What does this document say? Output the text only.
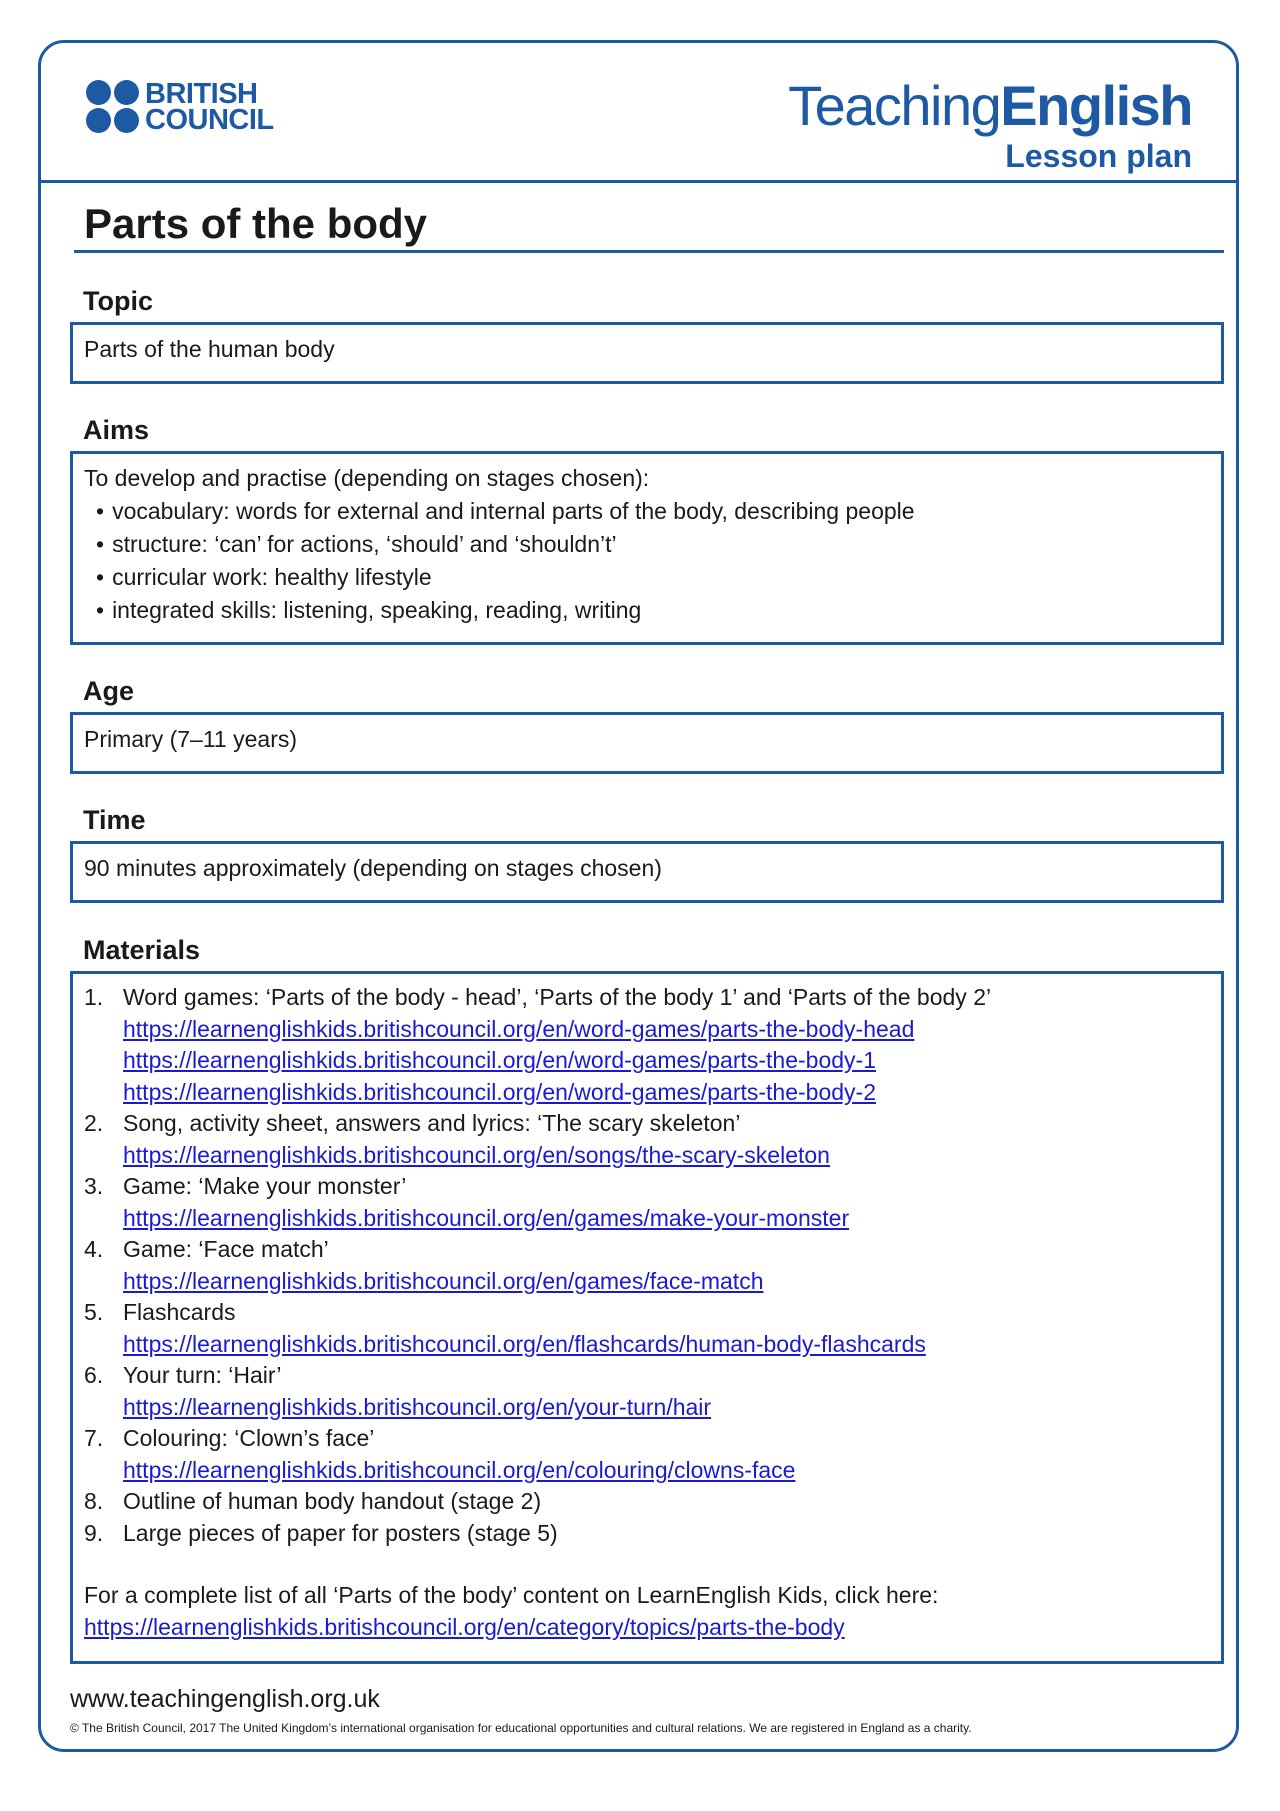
BRITISH
COUNCIL	TeachingEnglish
Lesson plan
Parts of the body
Topic
Parts of the human body
Aims
To develop and practise (depending on stages chosen):
• vocabulary: words for external and internal parts of the body, describing people
• structure: ‘can’ for actions, ‘should’ and ‘shouldn’t’
• curricular work: healthy lifestyle
• integrated skills: listening, speaking, reading, writing
Age
Primary (7–11 years)
Time
90 minutes approximately (depending on stages chosen)
Materials
1. Word games: ‘Parts of the body - head’, ‘Parts of the body 1’ and ‘Parts of the body 2’
https://learnenglishkids.britishcouncil.org/en/word-games/parts-the-body-head
https://learnenglishkids.britishcouncil.org/en/word-games/parts-the-body-1
https://learnenglishkids.britishcouncil.org/en/word-games/parts-the-body-2
2. Song, activity sheet, answers and lyrics: ‘The scary skeleton’
https://learnenglishkids.britishcouncil.org/en/songs/the-scary-skeleton
3. Game: ‘Make your monster’
https://learnenglishkids.britishcouncil.org/en/games/make-your-monster
4. Game: ‘Face match’
https://learnenglishkids.britishcouncil.org/en/games/face-match
5. Flashcards
https://learnenglishkids.britishcouncil.org/en/flashcards/human-body-flashcards
6. Your turn: ‘Hair’
https://learnenglishkids.britishcouncil.org/en/your-turn/hair
7. Colouring: ‘Clown’s face’
https://learnenglishkids.britishcouncil.org/en/colouring/clowns-face
8. Outline of human body handout (stage 2)
9. Large pieces of paper for posters (stage 5)
For a complete list of all ‘Parts of the body’ content on LearnEnglish Kids, click here:
https://learnenglishkids.britishcouncil.org/en/category/topics/parts-the-body
www.teachingenglish.org.uk
© The British Council, 2017 The United Kingdom’s international organisation for educational opportunities and cultural relations. We are registered in England as a charity.
